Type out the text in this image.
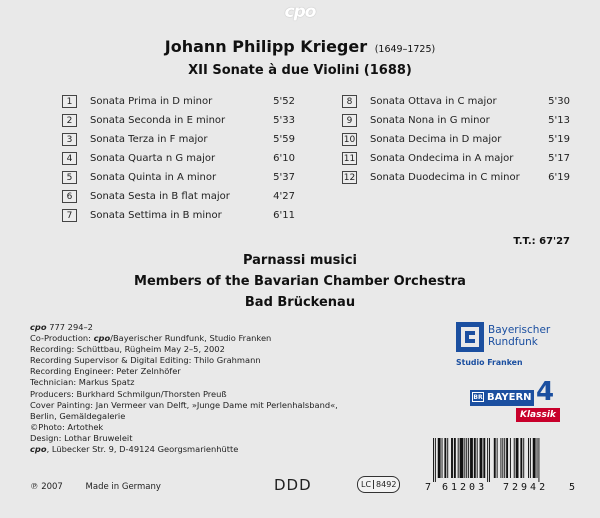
cpo
Johann Philipp Krieger (1649–1725)
XII Sonate à due Violini (1688)
1	Sonata Prima in D minor	5'52
2	Sonata Seconda in E minor	5'33
3	Sonata Terza in F major	5'59
4	Sonata Quarta n G major	6'10
5	Sonata Quinta in A minor	5'37
6	Sonata Sesta in B flat major	4'27
7	Sonata Settima in B minor	6'11
8	Sonata Ottava in C major	5'30
9	Sonata Nona in G minor	5'13
10 Sonata Decima in D major	5'19
11 Sonata Ondecima in A major	5'17
12 Sonata Duodecima in C minor	6'19
T.T.: 67'27
Parnassi musici
Members of the Bavarian Chamber Orchestra
Bad Brückenau
cpo 777 294–2
Co-Production: cpo/Bayerischer Rundfunk, Studio Franken
Recording: Schüttbau, Rügheim May 2–5, 2002
Recording Supervisor & Digital Editing: Thilo Grahmann
Recording Engineer: Peter Zelnhöfer
Technician: Markus Spatz
Producers: Burkhard Schmilgun/Thorsten Preuß
Cover Painting: Jan Vermeer van Delft, »Junge Dame mit Perlenhalsband«,
Berlin, Gemäldegalerie
©Photo: Artothek
Design: Lothar Bruweleit
cpo, Lübecker Str. 9, D-49124 Georgsmarienhütte
℗ 2007	Made in Germany	DDD	LC 8492
Bayerischer
Rundfunk
Studio Franken
BR BAYERN 4
Klassik
7 61203 72942 5
